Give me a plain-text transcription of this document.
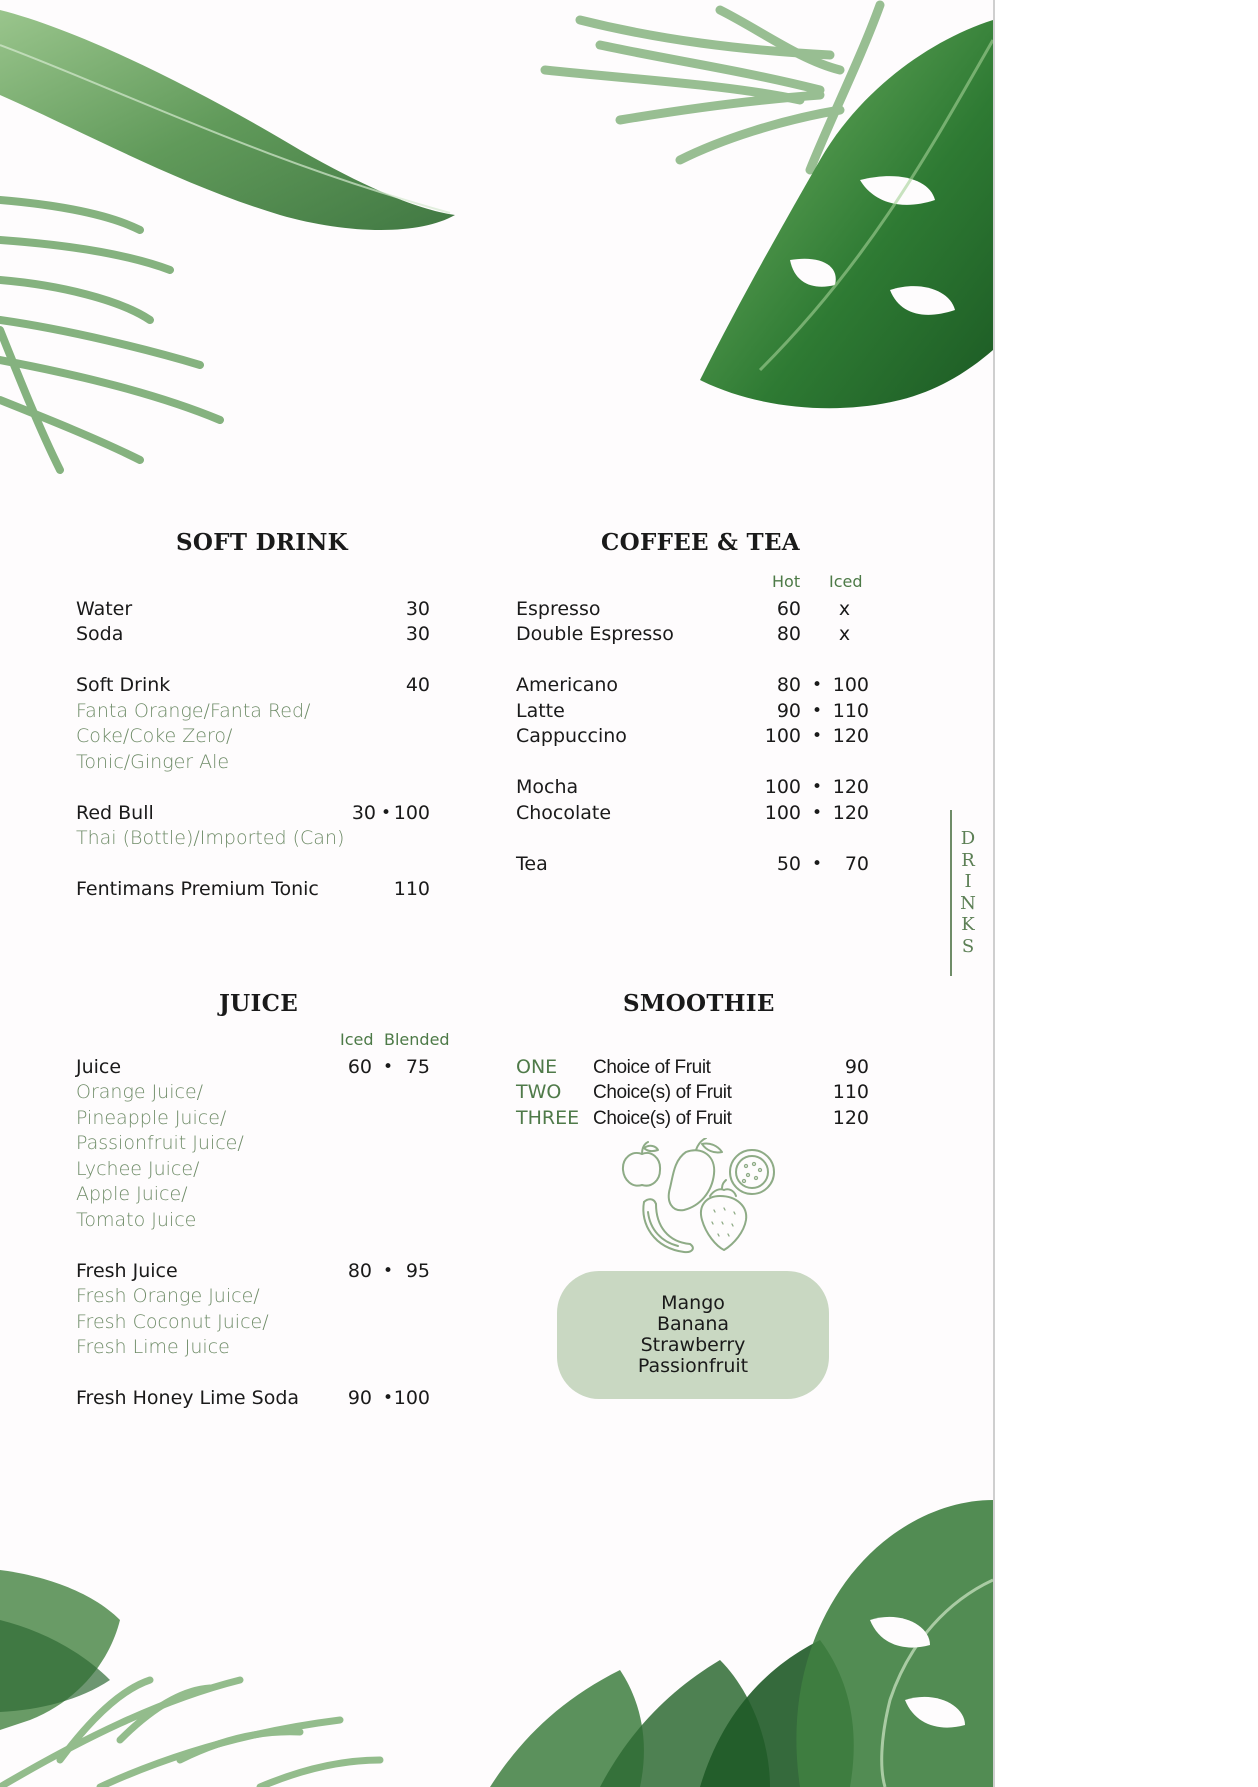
SOFT DRINK
Water	30
Soda	30
Soft Drink	40
Fanta Orange/Fanta Red/
Coke/Coke Zero/
Tonic/Ginger Ale
Red Bull	30 • 100
Thai (Bottle)/Imported (Can)
Fentimans Premium Tonic	110
COFFEE & TEA
Hot Iced
Espresso	60 x
Double Espresso	80 x
Americano	80 • 100
Latte	90 • 110
Cappuccino	100 • 120
Mocha	100 • 120
Chocolate	100 • 120
Tea	50 •	70
JUICE
Iced Blended
Juice	60 • 75
Orange Juice/
Pineapple Juice/
Passionfruit Juice/
Lychee Juice/
Apple Juice/
Tomato Juice
Fresh Juice	80 • 95
Fresh Orange Juice/
Fresh Coconut Juice/
Fresh Lime Juice
Fresh Honey Lime Soda	90 • 100
SMOOTHIE
ONE Choice of Fruit	90
TWO Choice(s) of Fruit	110
THREE Choice(s) of Fruit	120
Mango
Banana
Strawberry
Passionfruit
D
R
I
N
K
S
